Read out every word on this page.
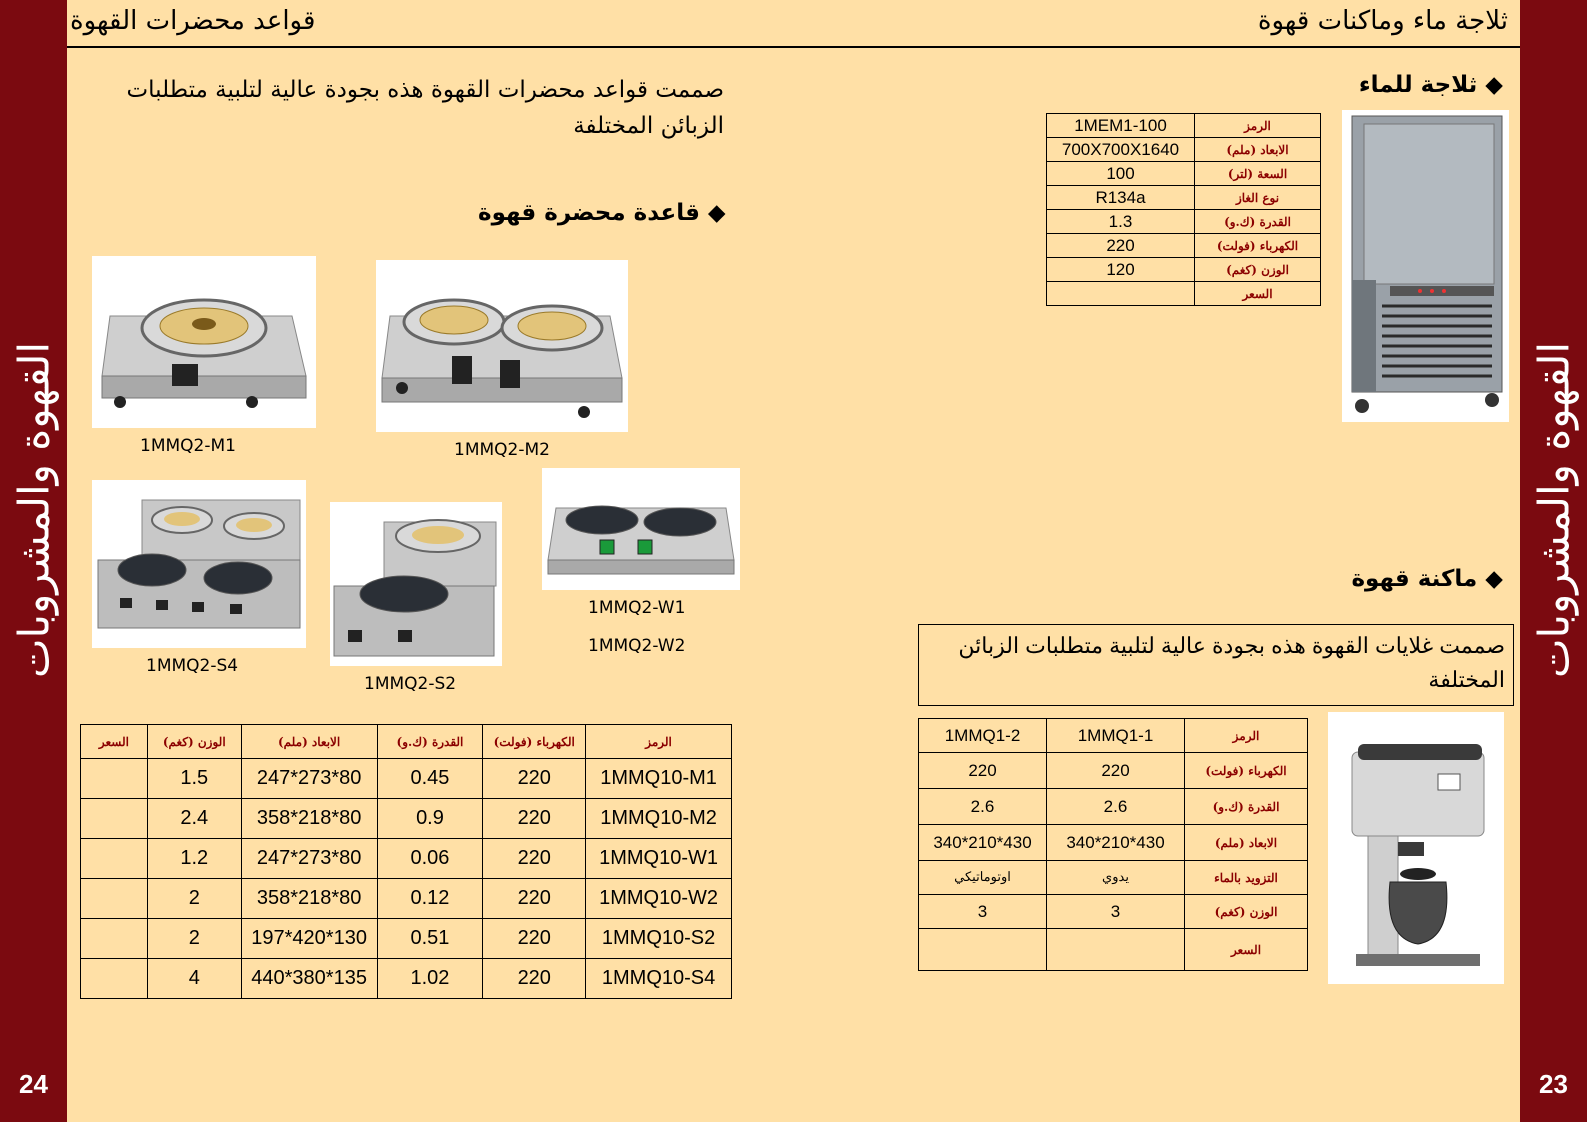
القهوة والمشروبات
24
القهوة والمشروبات
23
قواعد محضرات القهوة	ثلاجة ماء وماكنات قهوة
صممت قواعد محضرات القهوة هذه بجودة عالية لتلبية متطلبات الزبائن المختلفة
◆ قاعدة محضرة قهوة
1MMQ2-M1	1MMQ2-M2
1MMQ2-S4
1MMQ2-S2
1MMQ2-W1
1MMQ2-W2
السعر	الوزن (كغم)	الابعاد (ملم)	القدرة (ك.و)	الكهرباء (فولت)	الرمز
	1.5	247*273*80	0.45	220	1MMQ10-M1
	2.4	358*218*80	0.9	220	1MMQ10-M2
	1.2	247*273*80	0.06	220	1MMQ10-W1
	2	358*218*80	0.12	220	1MMQ10-W2
	2	197*420*130	0.51	220	1MMQ10-S2
	4	440*380*135	1.02	220	1MMQ10-S4
◆ ثلاجة للماء
1MEM1-100	الرمز
700X700X1640	الابعاد (ملم)
100	السعة (لتر)
R134a	نوع الغاز
1.3	القدرة (ك.و)
220	الكهرباء (فولت)
120	الوزن (كغم)
	السعر
◆ ماكنة قهوة
صممت غلايات القهوة هذه بجودة عالية لتلبية متطلبات الزبائن المختلفة
1MMQ1-2	1MMQ1-1	الرمز
220	220	الكهرباء (فولت)
2.6	2.6	القدرة (ك.و)
340*210*430	340*210*430	الابعاد (ملم)
اوتوماتيكي	يدوي	التزويد بالماء
3	3	الوزن (كغم)
		السعر
